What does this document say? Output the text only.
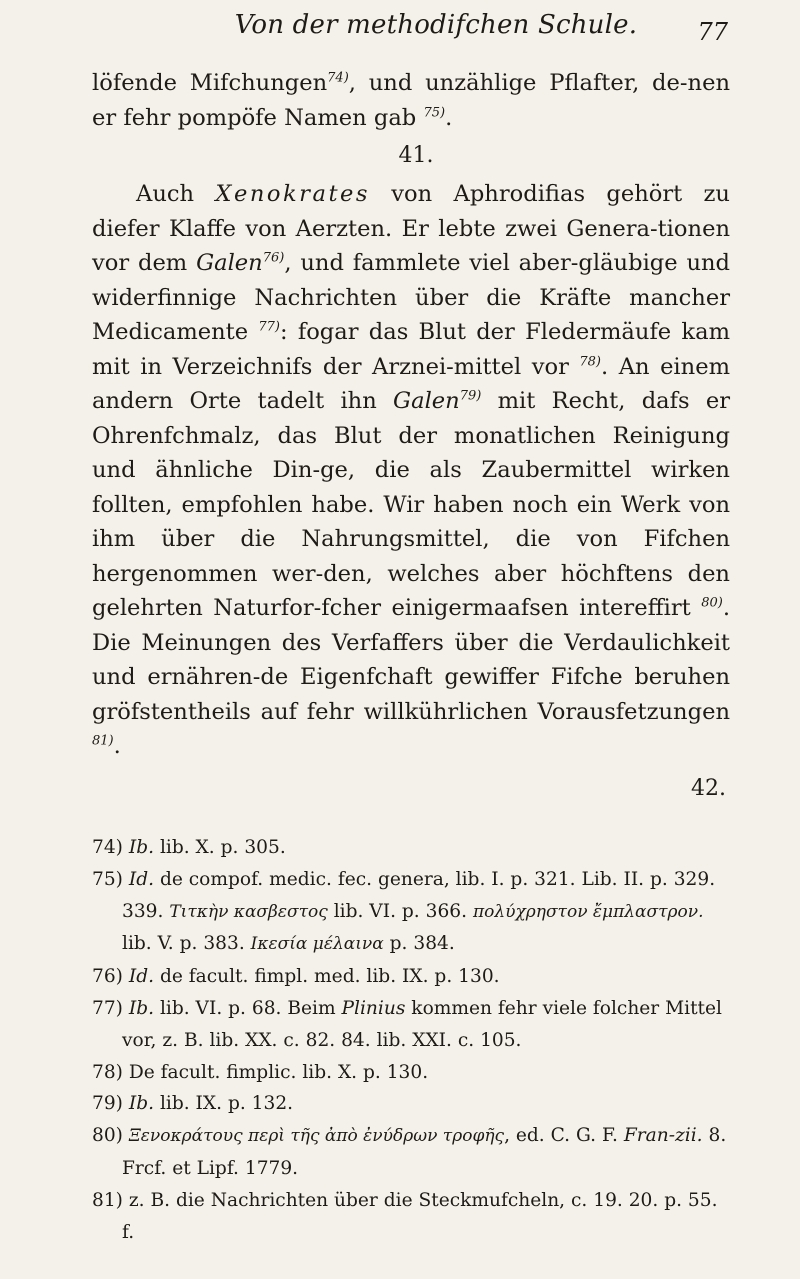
Von der methodifchen Schule.	77

löfende Mifchungen$^{74)}$, und unzählige Pflafter, de-nen er fehr pompöfe Namen gab $^{75)}$.

41.

Auch Xenokrates von Aphrodifias gehört zu diefer Klaffe von Aerzten. Er lebte zwei Genera-tionen vor dem Galen$^{76)}$, und fammlete viel aber-gläubige und widerfinnige Nachrichten über die Kräfte mancher Medicamente $^{77)}$: fogar das Blut der Fledermäufe kam mit in Verzeichnifs der Arznei-mittel vor $^{78)}$. An einem andern Orte tadelt ihn Galen$^{79)}$ mit Recht, dafs er Ohrenfchmalz, das Blut der monatlichen Reinigung und ähnliche Din-ge, die als Zaubermittel wirken follten, empfohlen habe. Wir haben noch ein Werk von ihm über die Nahrungsmittel, die von Fifchen hergenommen wer-den, welches aber höchftens den gelehrten Naturfor-fcher einigermaafsen intereffirt $^{80)}$. Die Meinungen des Verfaffers über die Verdaulichkeit und ernähren-de Eigenfchaft gewiffer Fifche beruhen gröfstentheils auf fehr willkührlichen Vorausfetzungen $^{81)}$.

42.

74) Ib. lib. X. p. 305.

75) Id. de compof. medic. fec. genera, lib. I. p. 321. Lib. II. p. 329. 339. Τιτκὴν κασβεστος lib. VI. p. 366. πολύχρηστον ἔμπλαστρον. lib. V. p. 383. Ικεσία μέλαινα p. 384.

76) Id. de facult. fimpl. med. lib. IX. p. 130.

77) Ib. lib. VI. p. 68. Beim Plinius kommen fehr viele folcher Mittel vor, z. B. lib. XX. c. 82. 84. lib. XXI. c. 105.

78) De facult. fimplic. lib. X. p. 130.

79) Ib. lib. IX. p. 132.

80) Ξενοκράτους περὶ τῆς ἀπὸ ἐνύδρων τροφῆς, ed. C. G. F. Fran-zii. 8. Frcf. et Lipf. 1779.

81) z. B. die Nachrichten über die Steckmufcheln, c. 19. 20. p. 55. f.
